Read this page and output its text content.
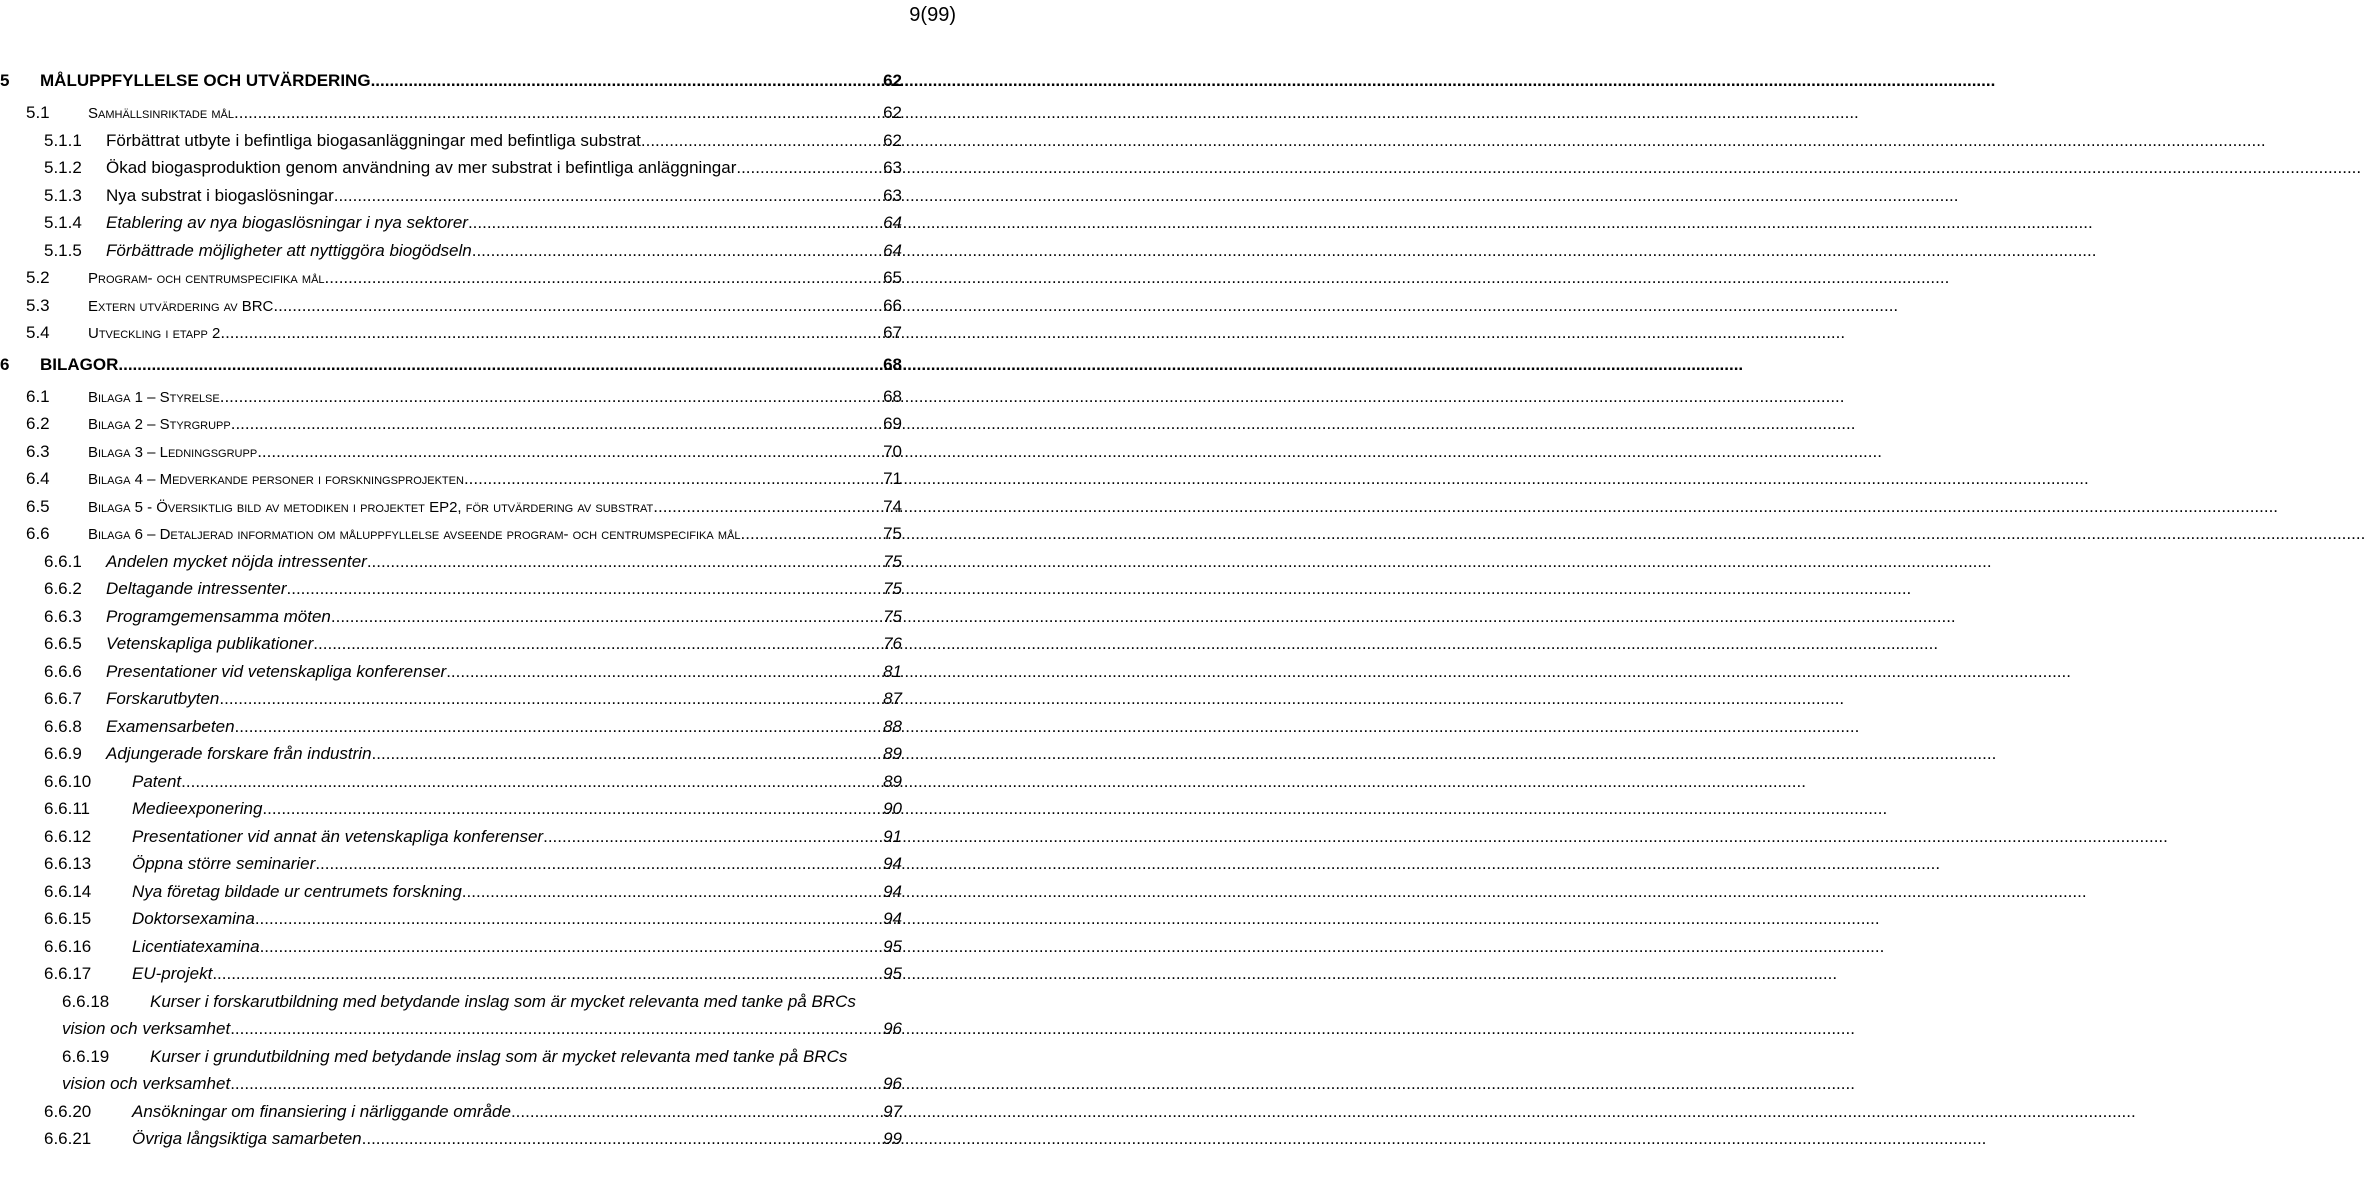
9(99)
5	MÅLUPPFYLLELSE OCH UTVÄRDERING .....	62
5.1	Samhällsinriktade mål .....	62
5.1.1	Förbättrat utbyte i befintliga biogasanläggningar med befintliga substrat .....	62
5.1.2	Ökad biogasproduktion genom användning av mer substrat i befintliga anläggningar .....	63
5.1.3	Nya substrat i biogaslösningar .....	63
5.1.4	Etablering av nya biogaslösningar i nya sektorer .....	64
5.1.5	Förbättrade möjligheter att nyttiggöra biogödseln .....	64
5.2	Program- och centrumspecifika mål .....	65
5.3	Extern utvärdering av BRC .....	66
5.4	Utveckling i etapp 2 .....	67
6	BILAGOR .....	68
6.1	Bilaga 1 – Styrelse .....	68
6.2	Bilaga 2 – Styrgrupp .....	69
6.3	Bilaga 3 – Ledningsgrupp .....	70
6.4	Bilaga 4 – Medverkande personer i forskningsprojekten .....	71
6.5	Bilaga 5 - Översiktlig bild av metodiken i projektet EP2, för utvärdering av substrat .....	74
6.6	Bilaga 6 – Detaljerad information om måluppfyllelse avseende program- och centrumspecifika mål .....	75
6.6.1	Andelen mycket nöjda intressenter .....	75
6.6.2	Deltagande intressenter .....	75
6.6.3	Programgemensamma möten .....	75
6.6.5	Vetenskapliga publikationer .....	76
6.6.6	Presentationer vid vetenskapliga konferenser .....	81
6.6.7	Forskarutbyten .....	87
6.6.8	Examensarbeten .....	88
6.6.9	Adjungerade forskare från industrin .....	89
6.6.10	Patent .....	89
6.6.11	Medieexponering .....	90
6.6.12	Presentationer vid annat än vetenskapliga konferenser .....	91
6.6.13	Öppna större seminarier .....	94
6.6.14	Nya företag bildade ur centrumets forskning .....	94
6.6.15	Doktorsexamina .....	94
6.6.16	Licentiatexamina .....	95
6.6.17	EU-projekt .....	95
6.6.18	Kurser i forskarutbildning med betydande inslag som är mycket relevanta med tanke på BRCs
vision och verksamhet .....	96
6.6.19	Kurser i grundutbildning med betydande inslag som är mycket relevanta med tanke på BRCs
vision och verksamhet .....	96
6.6.20	Ansökningar om finansiering i närliggande område .....	97
6.6.21	Övriga långsiktiga samarbeten .....	99
